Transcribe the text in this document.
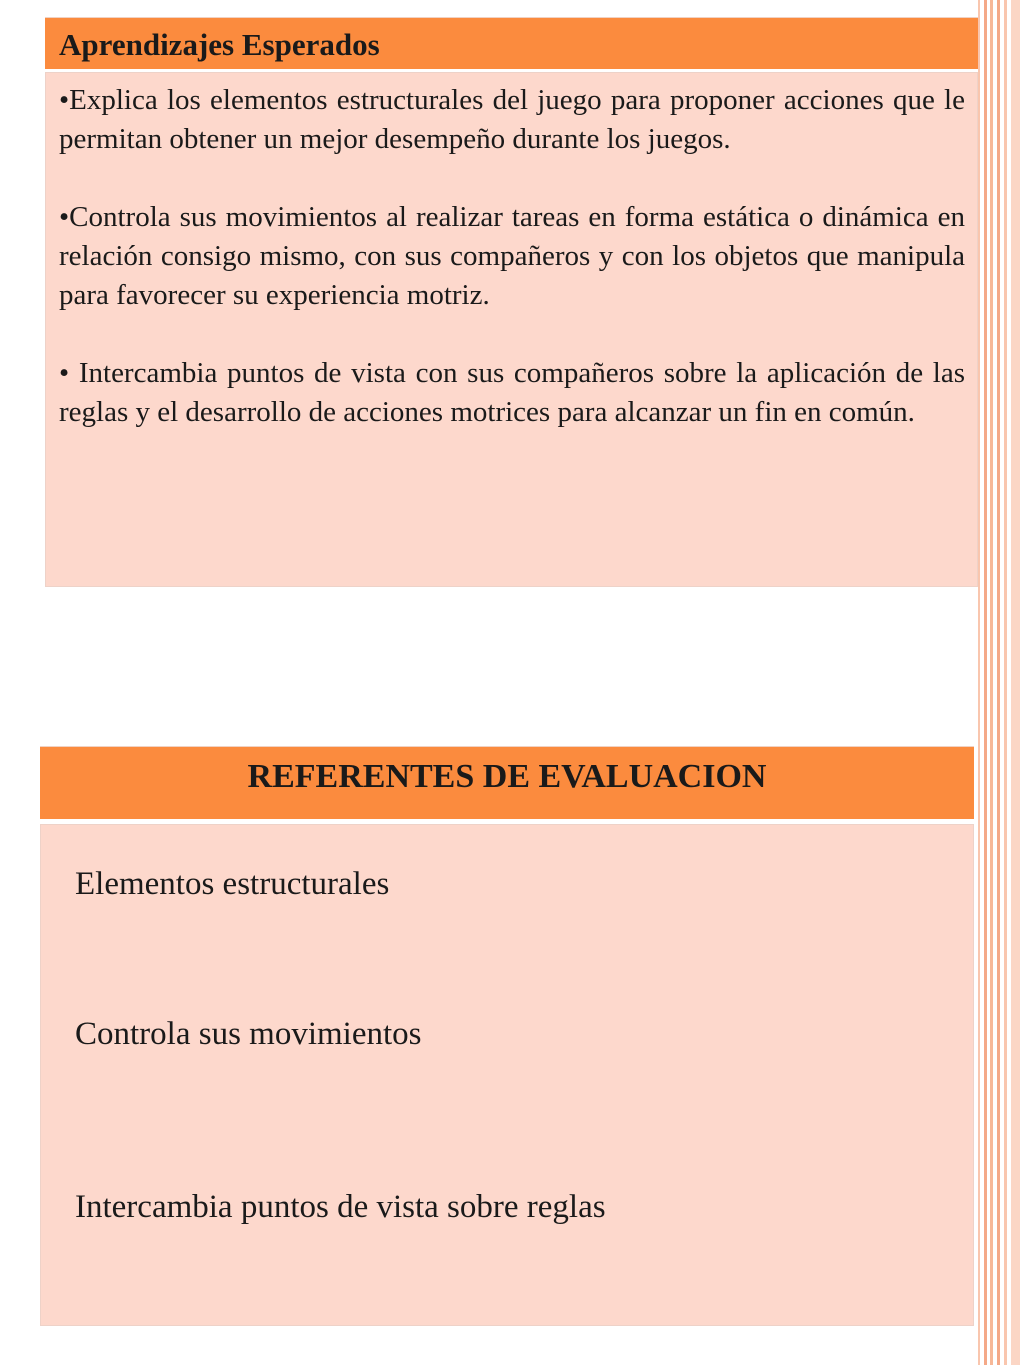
Aprendizajes Esperados

•Explica los elementos estructurales del juego para proponer acciones que le permitan obtener un mejor desempeño durante los juegos.

•Controla sus movimientos al realizar tareas en forma estática o dinámica en relación consigo mismo, con sus compañeros y con los objetos que manipula para favorecer su experiencia motriz.

• Intercambia puntos de vista con sus compañeros sobre la aplicación de las reglas y el desarrollo de acciones motrices para alcanzar un fin en común.

REFERENTES DE EVALUACION
Elementos estructurales
Controla sus movimientos
Intercambia puntos de vista sobre reglas
